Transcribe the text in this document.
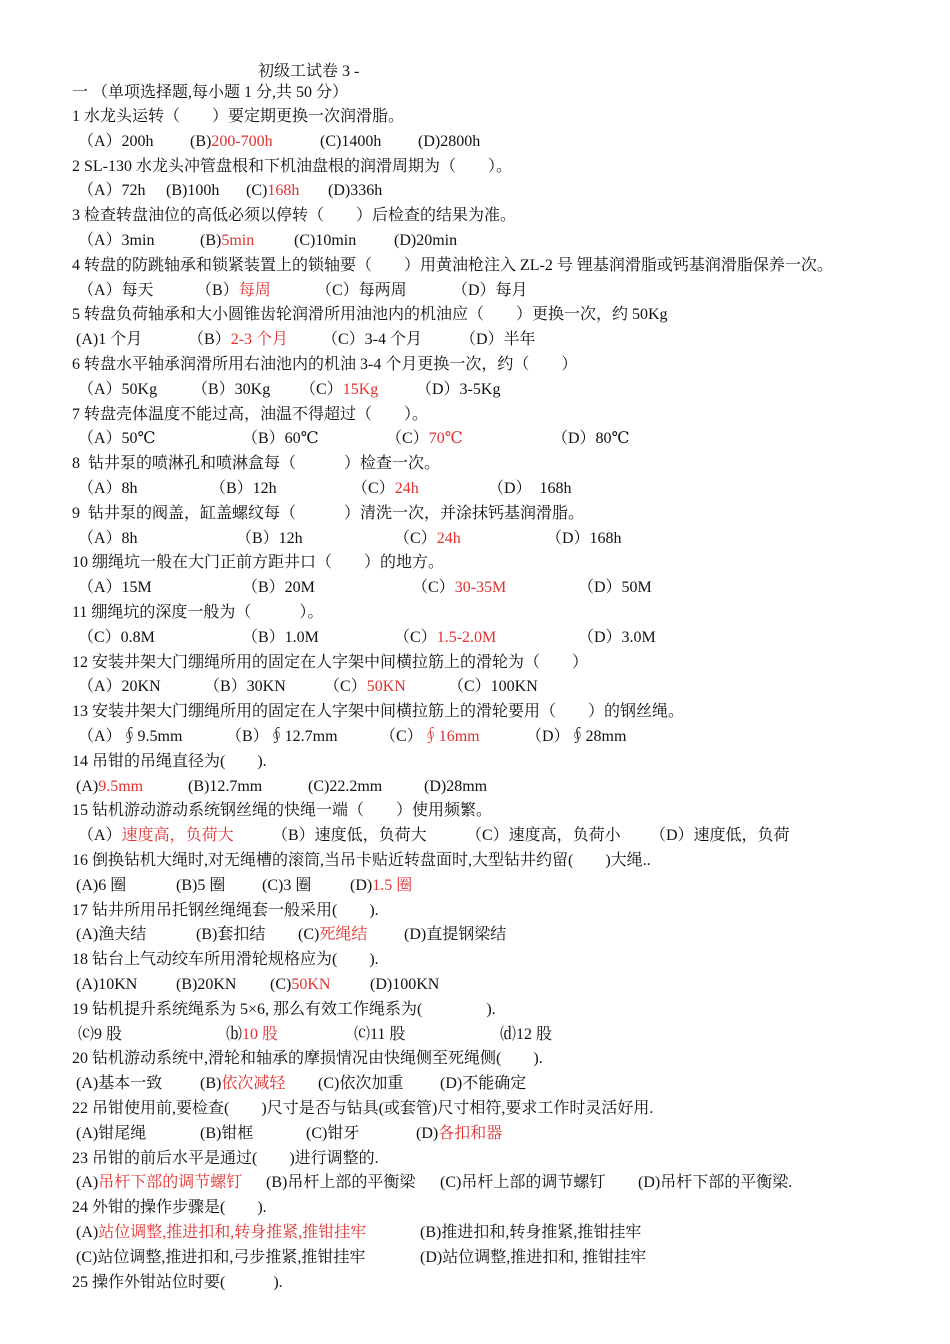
初级工试卷 3 -
一 （单项选择题,每小题 1 分,共 50 分）
1 水龙头运转（　　）要定期更换一次润滑脂。
（A）200h (B)200-700h	(C)1400h (D)2800h
2 SL-130 水龙头冲管盘根和下机油盘根的润滑周期为（　　）。
（A）72h (B)100h (C)168h (D)336h
3 检查转盘油位的高低必须以停转（　　）后检查的结果为准。
（A）3min	(B)5min (C)10min (D)20min
4 转盘的防跳轴承和锁紧装置上的锁轴要（　　）用黄油枪注入 ZL-2 号 锂基润滑脂或钙基润滑脂保养一次。
（A）每天	（B）每周	（C）每两周	（D）每月
5 转盘负荷轴承和大小圆锥齿轮润滑所用油池内的机油应（　　）更换一次，约 50Kg
(A)1 个月	（B）2-3 个月 （C）3-4 个月 （D）半年
6 转盘水平轴承润滑所用右油池内的机油 3-4 个月更换一次，约（　　）
（A）50Kg （B）30Kg （C）15Kg （D）3-5Kg
7 转盘壳体温度不能过高，油温不得超过（　　）。
（A）50℃	（B）60℃	（C）70℃	（D）80℃
8  钻井泵的喷淋孔和喷淋盒每（　　　）检查一次。
（A）8h	（B）12h	（C）24h	（D）  168h
9  钻井泵的阀盖，缸盖螺纹每（　　　）清洗一次，并涂抹钙基润滑脂。
（A）8h	（B）12h	（C）24h	（D）168h
10 绷绳坑一般在大门正前方距井口（　　）的地方。
（A）15M	（B）20M	（C）30-35M	（D）50M
11 绷绳坑的深度一般为（　　　）。
（C）0.8M	（B）1.0M	（C）1.5-2.0M	（D）3.0M
12 安装井架大门绷绳所用的固定在人字架中间横拉筋上的滑轮为（　　）
（A）20KN	（B）30KN （C）50KN	（C）100KN
13 安装井架大门绷绳所用的固定在人字架中间横拉筋上的滑轮要用（　　）的钢丝绳。
（A）∮9.5mm	（B）∮12.7mm	（C）∮16mm	（D）∮28mm
14 吊钳的吊绳直径为(　　).
(A)9.5mm	(B)12.7mm	(C)22.2mm	(D)28mm
15 钻机游动游动系统钢丝绳的快绳一端（　　）使用频繁。
（A）速度高，负荷大 （B）速度低，负荷大 （C）速度高，负荷小 （D）速度低，负荷
16 倒换钻机大绳时,对无绳槽的滚筒,当吊卡贴近转盘面时,大型钻井约留(　　)大绳..
(A)6 圈	(B)5 圈 (C)3 圈 (D)1.5 圈
17 钻井所用吊托钢丝绳绳套一般采用(　　).
(A)渔夫结	(B)套扣结 (C)死绳结 (D)直提钢梁结
18 钻台上气动绞车所用滑轮规格应为(　　).
(A)10KN (B)20KN (C)50KN (D)100KN
19 钻机提升系统绳系为 5×6, 那么有效工作绳系为(　　　　).
⒞9 股	⒝10 股	⒞11 股	⒟12 股
20 钻机游动系统中,滑轮和轴承的摩损情况由快绳侧至死绳侧(　　).
(A)基本一致 (B)依次减轻 (C)依次加重 (D)不能确定
22 吊钳使用前,要检查(　　)尺寸是否与钻具(或套管)尺寸相符,要求工作时灵活好用.
(A)钳尾绳	(B)钳框	(C)钳牙	(D)各扣和器
23 吊钳的前后水平是通过(　　)进行调整的.
(A)吊杆下部的调节螺钉 (B)吊杆上部的平衡梁 (C)吊杆上部的调节螺钉 (D)吊杆下部的平衡梁.
24 外钳的操作步骤是(　　).
(A)站位调整,推进扣和,转身推紧,推钳挂牢	(B)推进扣和,转身推紧,推钳挂牢
(C)站位调整,推进扣和,弓步推紧,推钳挂牢	(D)站位调整,推进扣和, 推钳挂牢
25 操作外钳站位时要(　　　).
